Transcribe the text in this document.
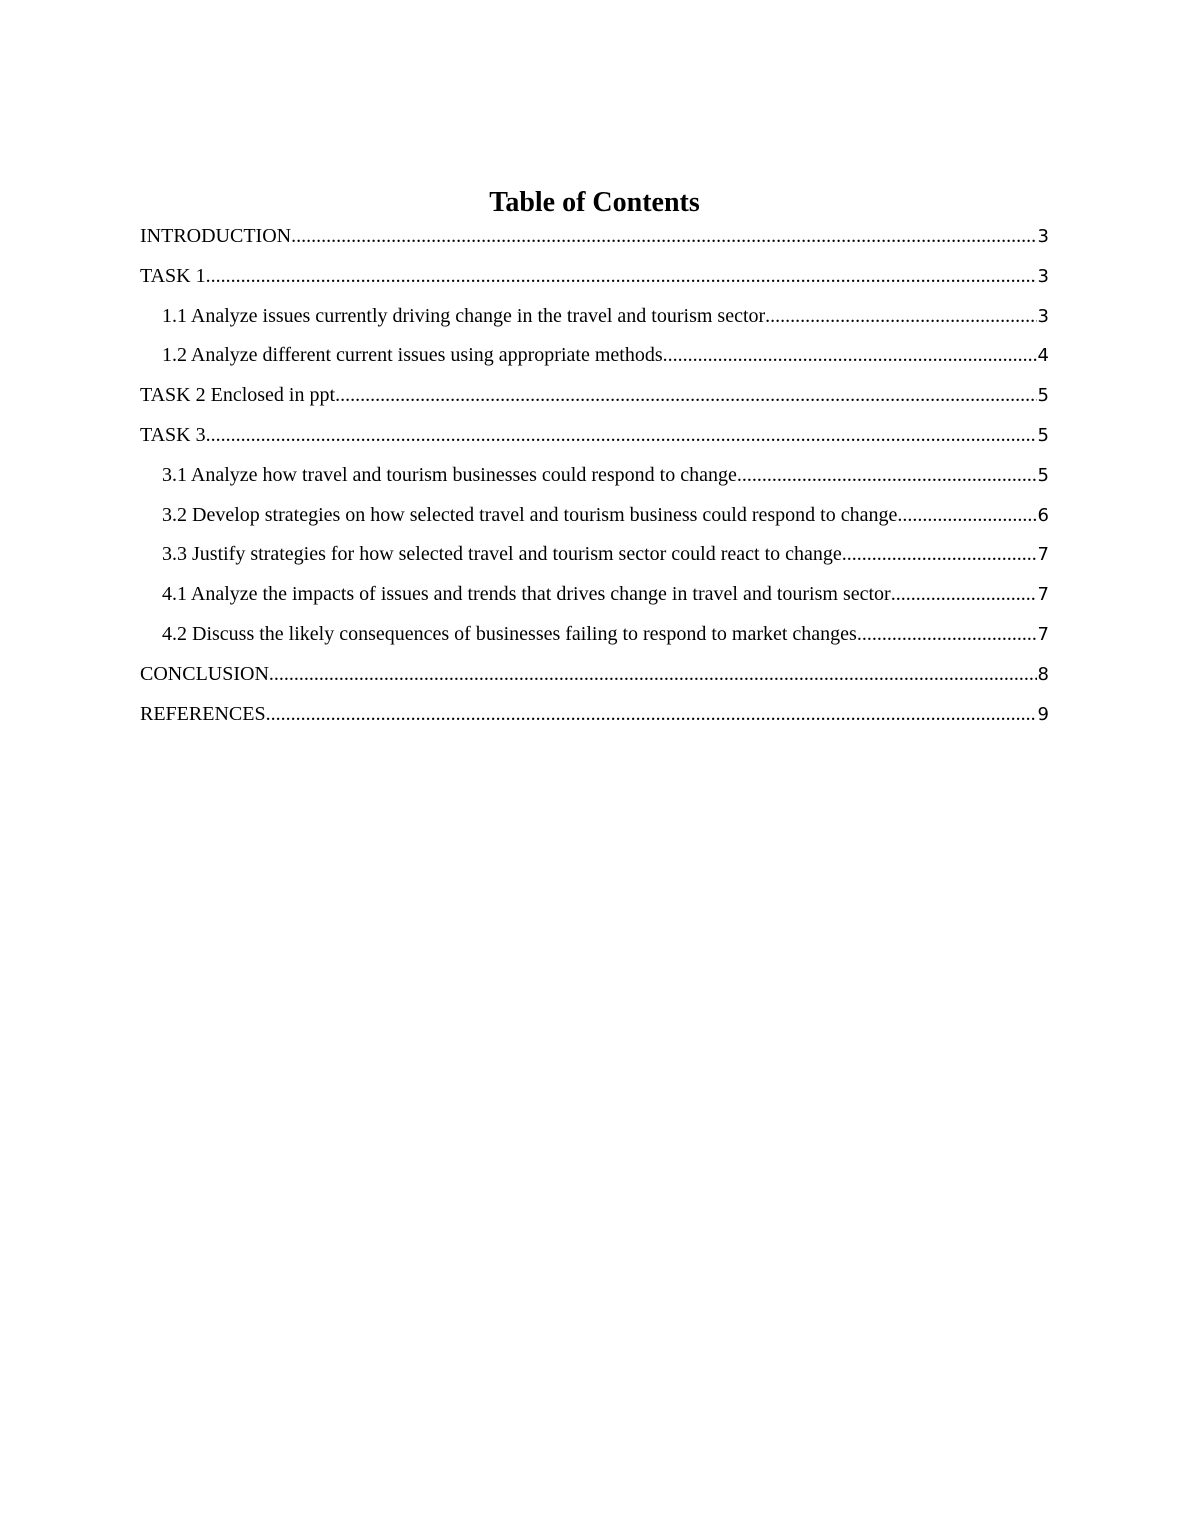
Table of Contents
INTRODUCTION .....	3
TASK 1 .....	3
1.1 Analyze issues currently driving change in the travel and tourism sector .....	3
1.2 Analyze different current issues using appropriate methods .....	4
TASK 2 Enclosed in ppt .....	5
TASK 3 .....	5
3.1 Analyze how travel and tourism businesses could respond to change .....	5
3.2 Develop strategies on how selected travel and tourism business could respond to change .....	6
3.3 Justify strategies for how selected travel and tourism sector could react to change .....	7
4.1 Analyze the impacts of issues and trends that drives change in travel and tourism sector .....	7
4.2 Discuss the likely consequences of businesses failing to respond to market changes .....	7
CONCLUSION .....	8
REFERENCES .....	9
